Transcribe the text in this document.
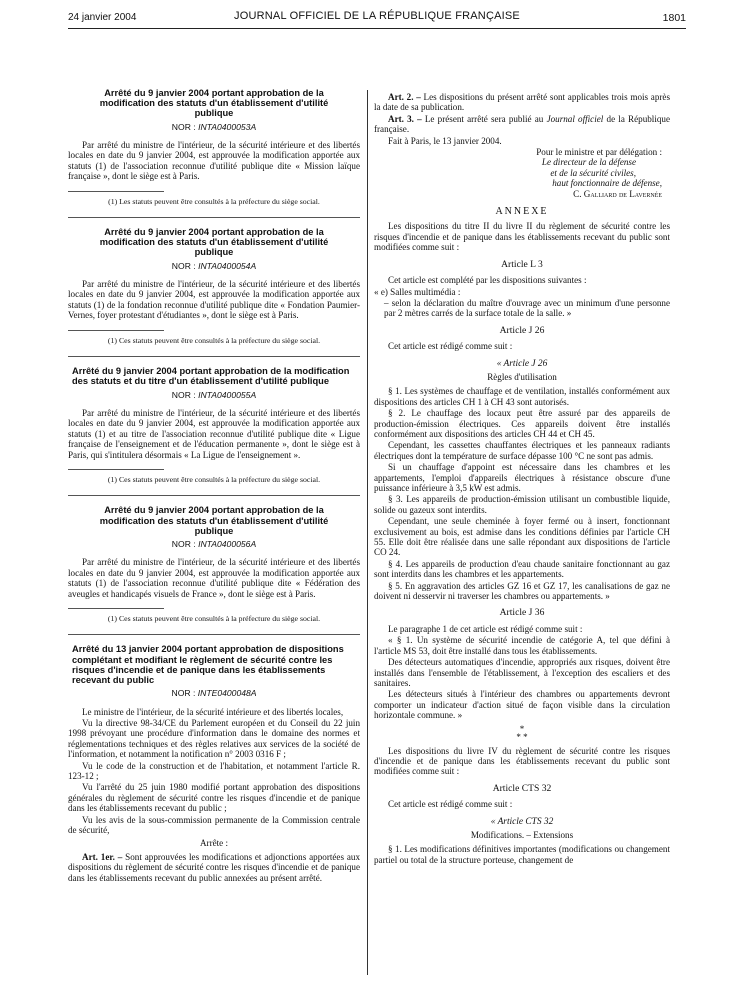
24 janvier 2004	JOURNAL OFFICIEL DE LA RÉPUBLIQUE FRANÇAISE	1801
Arrêté du 9 janvier 2004 portant approbation de la modification des statuts d'un établissement d'utilité publique
NOR : INTA0400053A

Par arrêté du ministre de l'intérieur, de la sécurité intérieure et des libertés locales en date du 9 janvier 2004, est approuvée la modification apportée aux statuts (1) de l'association reconnue d'utilité publique dite « Mission laïque française », dont le siège est à Paris.

(1) Les statuts peuvent être consultés à la préfecture du siège social.
Arrêté du 9 janvier 2004 portant approbation de la modification des statuts d'un établissement d'utilité publique
NOR : INTA0400054A

Par arrêté du ministre de l'intérieur, de la sécurité intérieure et des libertés locales en date du 9 janvier 2004, est approuvée la modification apportée aux statuts (1) de la fondation reconnue d'utilité publique dite « Fondation Paumier-Vernes, foyer protestant d'étudiantes », dont le siège est à Paris.

(1) Ces statuts peuvent être consultés à la préfecture du siège social.
Arrêté du 9 janvier 2004 portant approbation de la modification des statuts et du titre d'un établissement d'utilité publique
NOR : INTA0400055A

Par arrêté du ministre de l'intérieur, de la sécurité intérieure et des libertés locales en date du 9 janvier 2004, est approuvée la modification apportée aux statuts (1) et au titre de l'association reconnue d'utilité publique dite « Ligue française de l'enseignement et de l'éducation permanente », dont le siège est à Paris, qui s'intitulera désormais « La Ligue de l'enseignement ».

(1) Ces statuts peuvent être consultés à la préfecture du siège social.
Arrêté du 9 janvier 2004 portant approbation de la modification des statuts d'un établissement d'utilité publique
NOR : INTA0400056A

Par arrêté du ministre de l'intérieur, de la sécurité intérieure et des libertés locales en date du 9 janvier 2004, est approuvée la modification apportée aux statuts (1) de l'association reconnue d'utilité publique dite « Fédération des aveugles et handicapés visuels de France », dont le siège est à Paris.

(1) Ces statuts peuvent être consultés à la préfecture du siège social.
Arrêté du 13 janvier 2004 portant approbation de dispositions complétant et modifiant le règlement de sécurité contre les risques d'incendie et de panique dans les établissements recevant du public
NOR : INTE0400048A

Le ministre de l'intérieur, de la sécurité intérieure et des libertés locales,

Vu la directive 98-34/CE du Parlement européen et du Conseil du 22 juin 1998 prévoyant une procédure d'information dans le domaine des normes et réglementations techniques et des règles relatives aux services de la société de l'information, et notamment la notification n° 2003 0316 F ;

Vu le code de la construction et de l'habitation, et notamment l'article R. 123-12 ;

Vu l'arrêté du 25 juin 1980 modifié portant approbation des dispositions générales du règlement de sécurité contre les risques d'incendie et de panique dans les établissements recevant du public ;

Vu les avis de la sous-commission permanente de la Commission centrale de sécurité,

Arrête :

Art. 1er. – Sont approuvées les modifications et adjonctions apportées aux dispositions du règlement de sécurité contre les risques d'incendie et de panique dans les établissements recevant du public annexées au présent arrêté.

Art. 2. – Les dispositions du présent arrêté sont applicables trois mois après la date de sa publication.

Art. 3. – Le présent arrêté sera publié au Journal officiel de la République française.

Fait à Paris, le 13 janvier 2004.

Pour le ministre et par délégation :
Le directeur de la défense
et de la sécurité civiles,
haut fonctionnaire de défense,
C. Galliard de Lavernée
ANNEXE

Les dispositions du titre II du livre II du règlement de sécurité contre les risques d'incendie et de panique dans les établissements recevant du public sont modifiées comme suit :

Article L 3

Cet article est complété par les dispositions suivantes :

« e) Salles multimédia :

– selon la déclaration du maître d'ouvrage avec un minimum d'une personne par 2 mètres carrés de la surface totale de la salle. »

Article J 26

Cet article est rédigé comme suit :

« Article J 26
Règles d'utilisation

§ 1. Les systèmes de chauffage et de ventilation, installés conformément aux dispositions des articles CH 1 à CH 43 sont autorisés.

§ 2. Le chauffage des locaux peut être assuré par des appareils de production-émission électriques. Ces appareils doivent être installés conformément aux dispositions des articles CH 44 et CH 45.

Cependant, les cassettes chauffantes électriques et les panneaux radiants électriques dont la température de surface dépasse 100 °C ne sont pas admis.

Si un chauffage d'appoint est nécessaire dans les chambres et les appartements, l'emploi d'appareils électriques à résistance obscure d'une puissance inférieure à 3,5 kW est admis.

§ 3. Les appareils de production-émission utilisant un combustible liquide, solide ou gazeux sont interdits.

Cependant, une seule cheminée à foyer fermé ou à insert, fonctionnant exclusivement au bois, est admise dans les conditions définies par l'article CH 55. Elle doit être réalisée dans une salle répondant aux dispositions de l'article CO 24.

§ 4. Les appareils de production d'eau chaude sanitaire fonctionnant au gaz sont interdits dans les chambres et les appartements.

§ 5. En aggravation des articles GZ 16 et GZ 17, les canalisations de gaz ne doivent ni desservir ni traverser les chambres ou appartements. »

Article J 36

Le paragraphe 1 de cet article est rédigé comme suit :

« § 1. Un système de sécurité incendie de catégorie A, tel que défini à l'article MS 53, doit être installé dans tous les établissements.

Des détecteurs automatiques d'incendie, appropriés aux risques, doivent être installés dans l'ensemble de l'établissement, à l'exception des escaliers et des sanitaires.

Les détecteurs situés à l'intérieur des chambres ou appartements devront comporter un indicateur d'action situé de façon visible dans la circulation horizontale commune. »

*
* *

Les dispositions du livre IV du règlement de sécurité contre les risques d'incendie et de panique dans les établissements recevant du public sont modifiées comme suit :

Article CTS 32

Cet article est rédigé comme suit :

« Article CTS 32
Modifications. – Extensions

§ 1. Les modifications définitives importantes (modifications ou changement partiel ou total de la structure porteuse, changement de
